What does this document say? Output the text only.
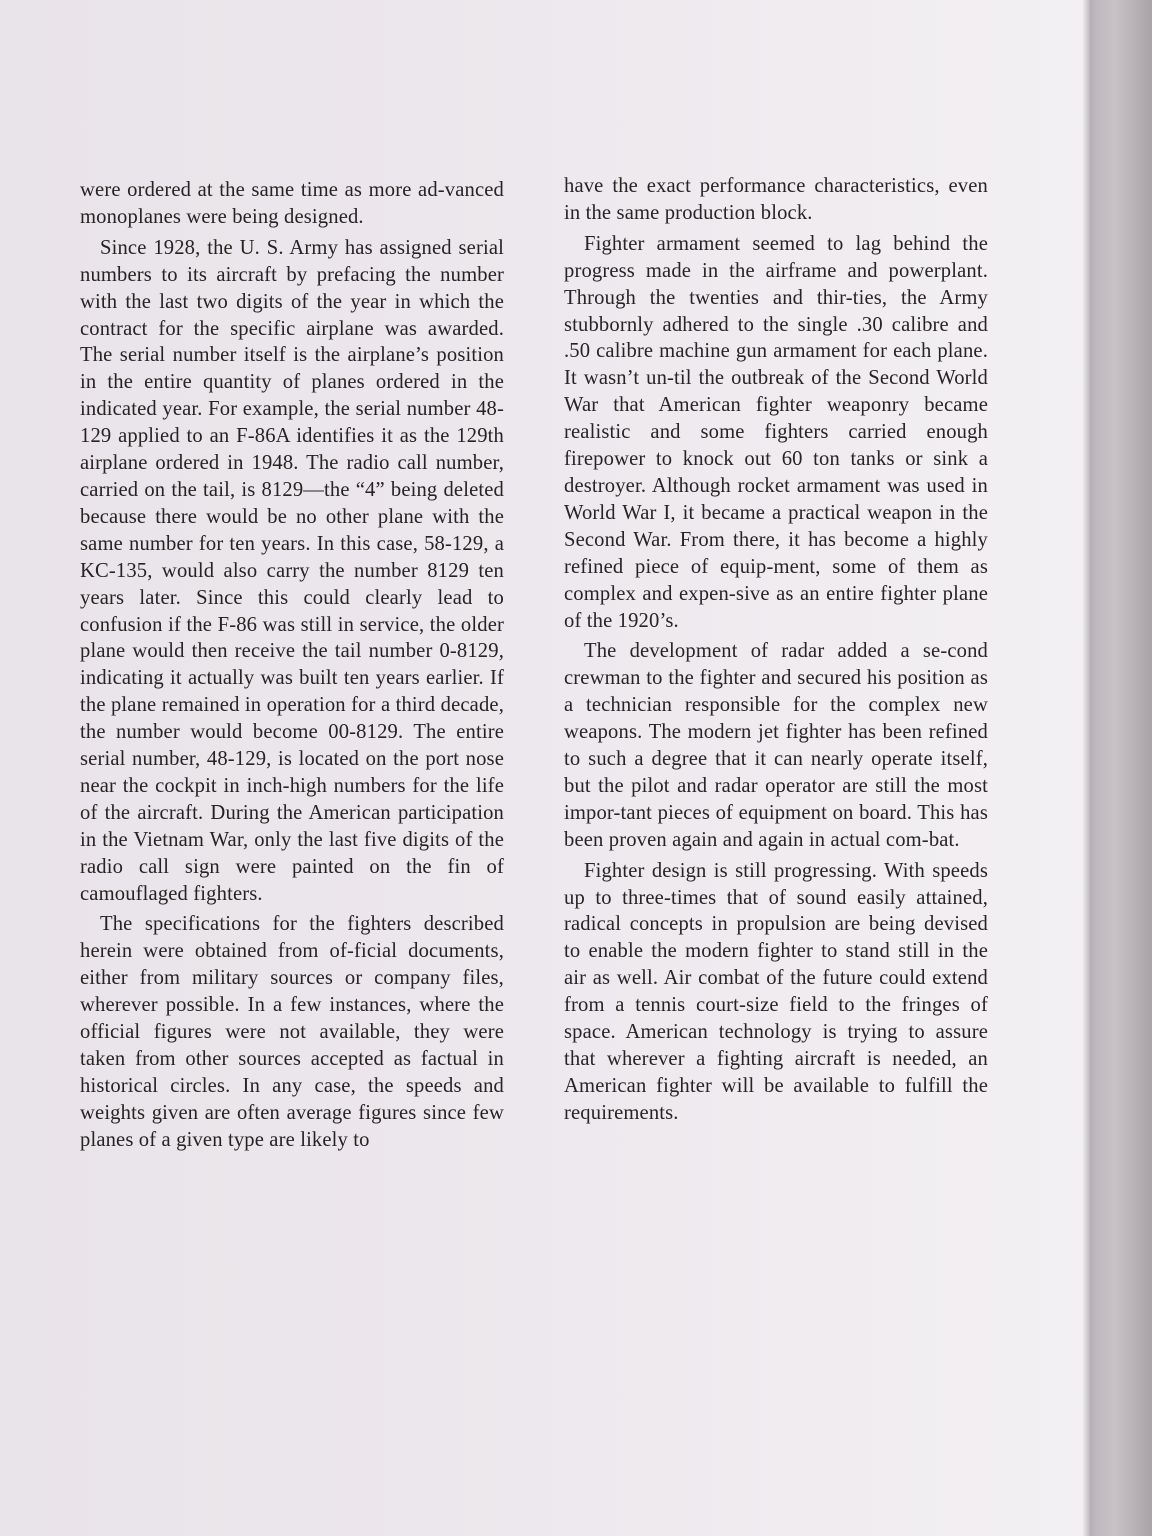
were ordered at the same time as more ad-vanced monoplanes were being designed.

Since 1928, the U. S. Army has assigned serial numbers to its aircraft by prefacing the number with the last two digits of the year in which the contract for the specific airplane was awarded. The serial number itself is the airplane’s position in the entire quantity of planes ordered in the indicated year. For example, the serial number 48-129 applied to an F-86A identifies it as the 129th airplane ordered in 1948. The radio call number, carried on the tail, is 8129—the “4” being deleted because there would be no other plane with the same number for ten years. In this case, 58-129, a KC-135, would also carry the number 8129 ten years later. Since this could clearly lead to confusion if the F-86 was still in service, the older plane would then receive the tail number 0-8129, indicating it actually was built ten years earlier. If the plane remained in operation for a third decade, the number would become 00-8129. The entire serial number, 48-129, is located on the port nose near the cockpit in inch-high numbers for the life of the aircraft. During the American participation in the Vietnam War, only the last five digits of the radio call sign were painted on the fin of camouflaged fighters.

The specifications for the fighters described herein were obtained from of-ficial documents, either from military sources or company files, wherever possible. In a few instances, where the official figures were not available, they were taken from other sources accepted as factual in historical circles. In any case, the speeds and weights given are often average figures since few planes of a given type are likely to

have the exact performance characteristics, even in the same production block.

Fighter armament seemed to lag behind the progress made in the airframe and powerplant. Through the twenties and thir-ties, the Army stubbornly adhered to the single .30 calibre and .50 calibre machine gun armament for each plane. It wasn’t un-til the outbreak of the Second World War that American fighter weaponry became realistic and some fighters carried enough firepower to knock out 60 ton tanks or sink a destroyer. Although rocket armament was used in World War I, it became a practical weapon in the Second War. From there, it has become a highly refined piece of equip-ment, some of them as complex and expen-sive as an entire fighter plane of the 1920’s.

The development of radar added a se-cond crewman to the fighter and secured his position as a technician responsible for the complex new weapons. The modern jet fighter has been refined to such a degree that it can nearly operate itself, but the pilot and radar operator are still the most impor-tant pieces of equipment on board. This has been proven again and again in actual com-bat.

Fighter design is still progressing. With speeds up to three-times that of sound easily attained, radical concepts in propulsion are being devised to enable the modern fighter to stand still in the air as well. Air combat of the future could extend from a tennis court-size field to the fringes of space. American technology is trying to assure that wherever a fighting aircraft is needed, an American fighter will be available to fulfill the requirements.
